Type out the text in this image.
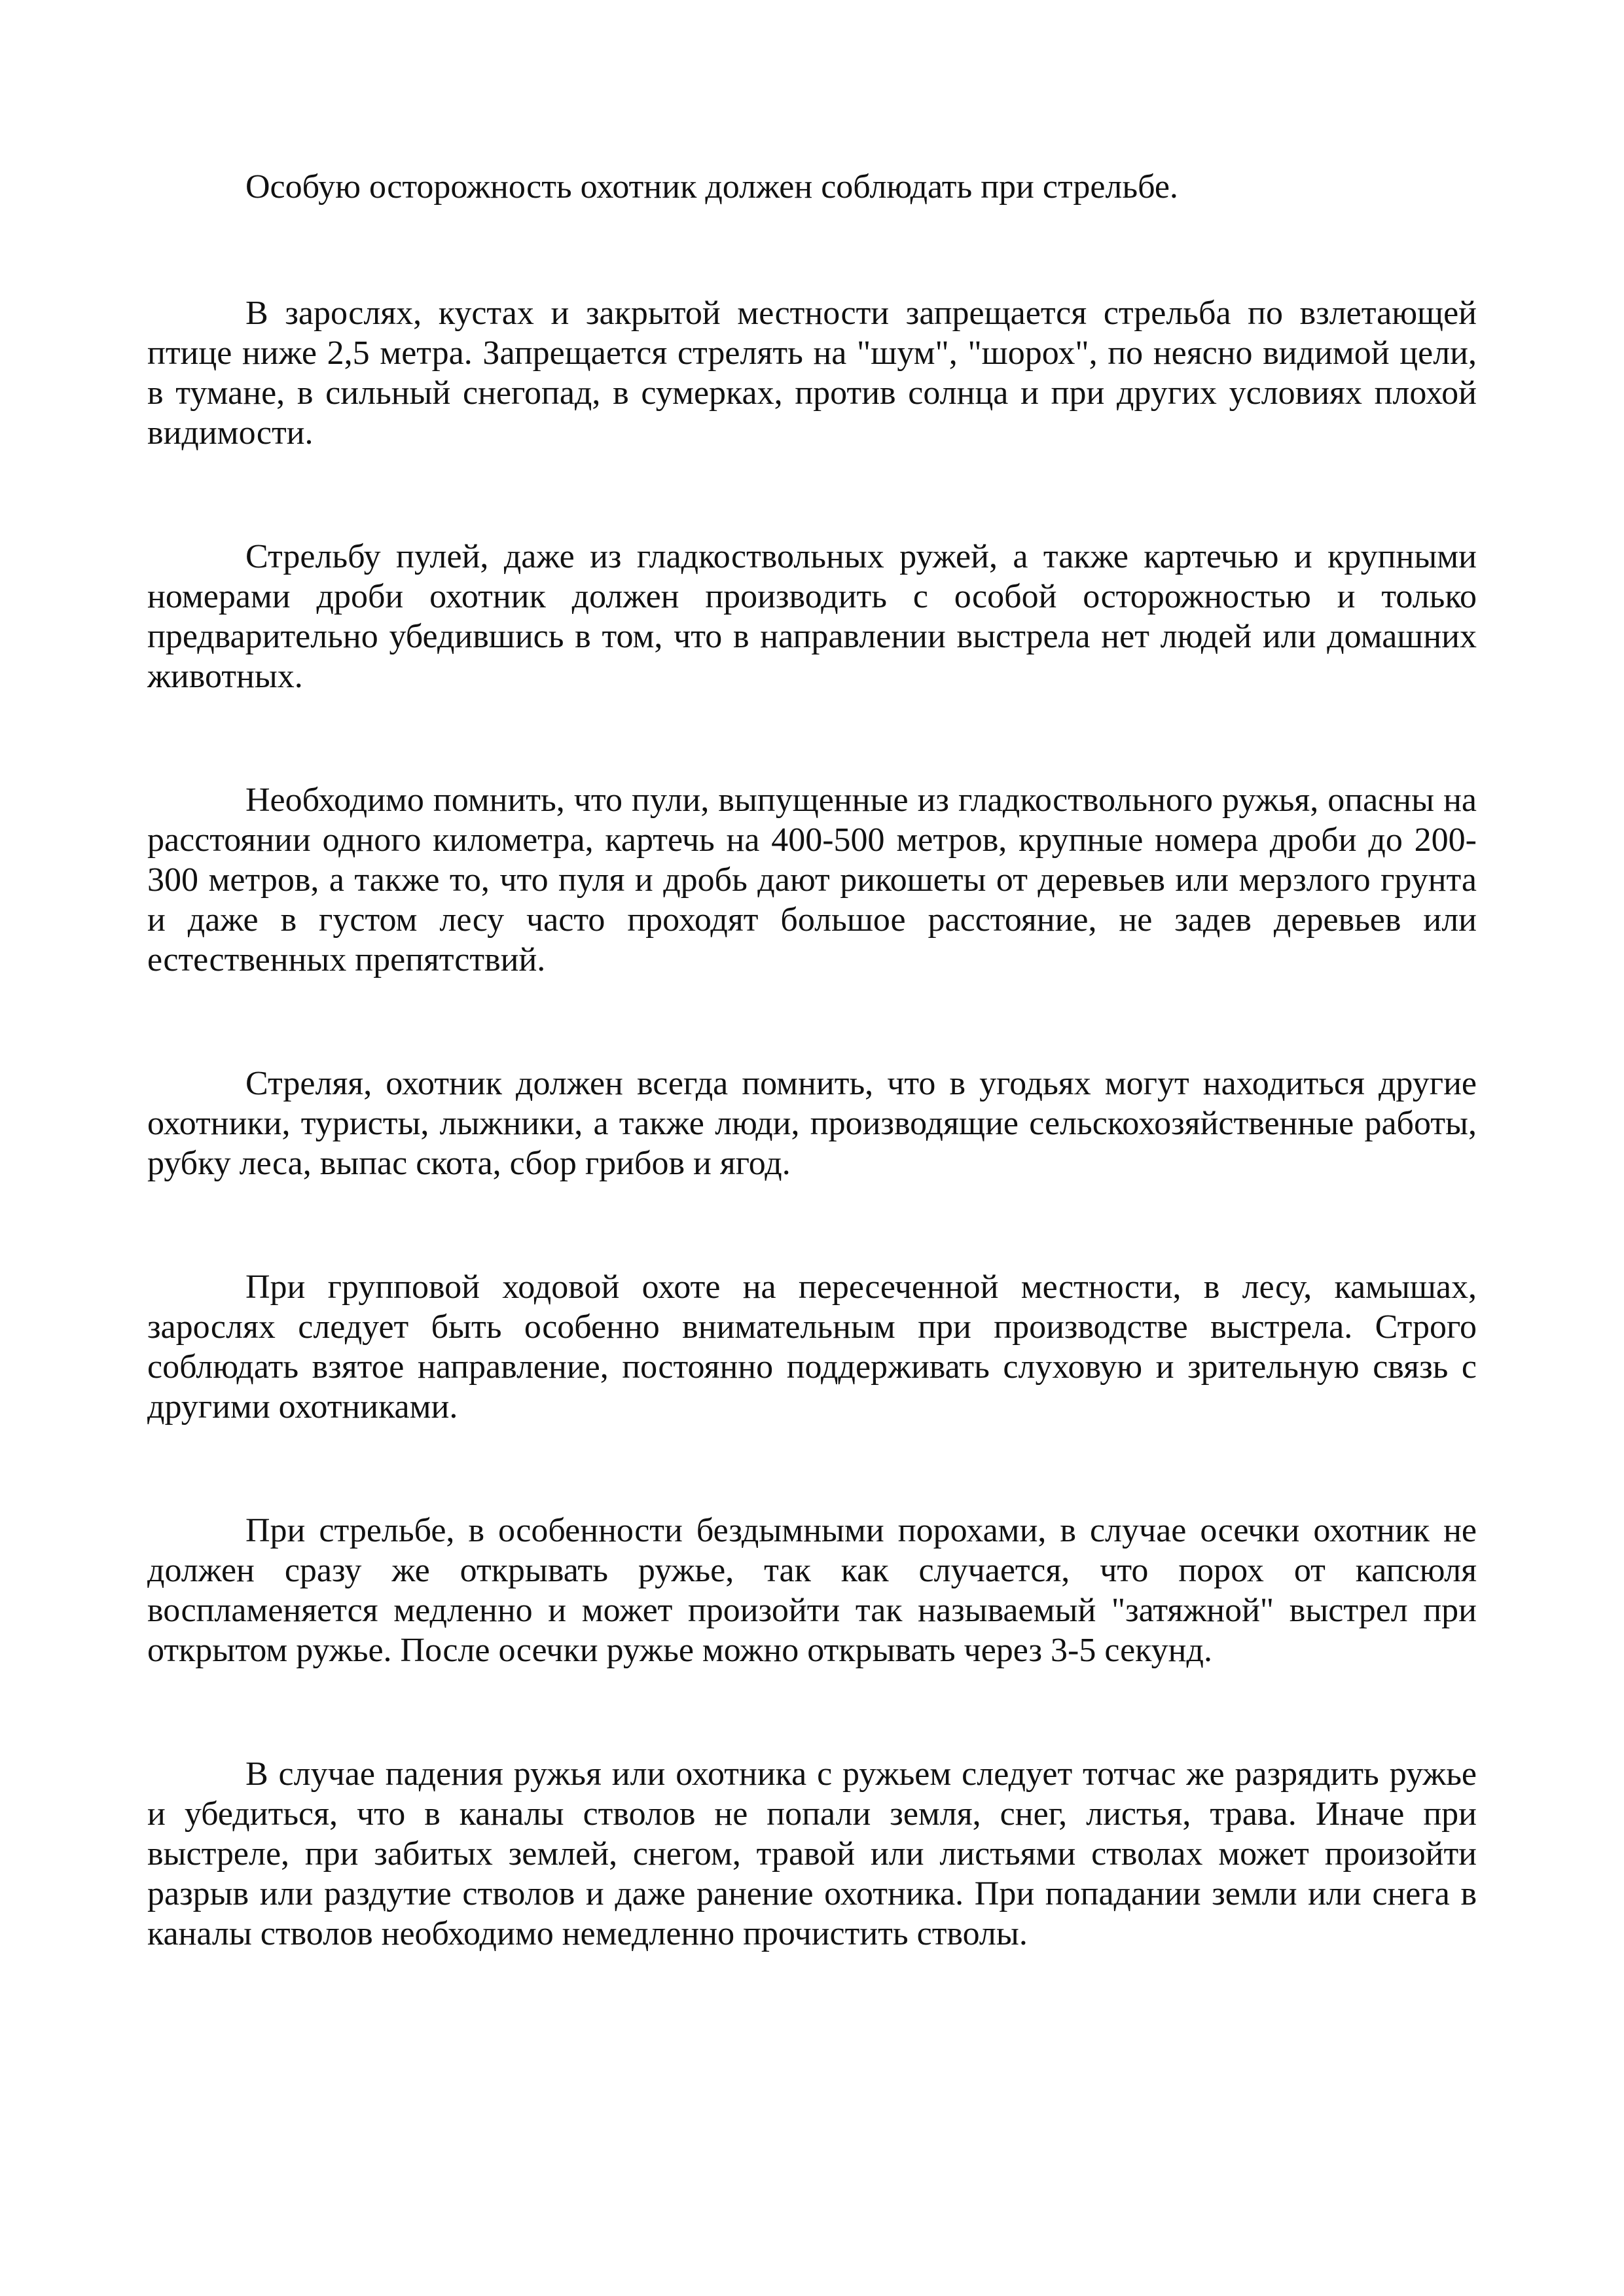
Особую осторожность охотник должен соблюдать при стрельбе.

В зарослях, кустах и закрытой местности запрещается стрельба по взлетающей птице ниже 2,5 метра. Запрещается стрелять на "шум", "шорох", по неясно видимой цели, в тумане, в сильный снегопад, в сумерках, против солнца и при других условиях плохой видимости.

Стрельбу пулей, даже из гладкоствольных ружей, а также картечью и крупными номерами дроби охотник должен производить с особой осторожностью и только предварительно убедившись в том, что в направлении выстрела нет людей или домашних животных.

Необходимо помнить, что пули, выпущенные из гладкоствольного ружья, опасны на расстоянии одного километра, картечь на 400-500 метров, крупные номера дроби до 200-300 метров, а также то, что пуля и дробь дают рикошеты от деревьев или мерзлого грунта и даже в густом лесу часто проходят большое расстояние, не задев деревьев или естественных препятствий.

Стреляя, охотник должен всегда помнить, что в угодьях могут находиться другие охотники, туристы, лыжники, а также люди, производящие сельскохозяйственные работы, рубку леса, выпас скота, сбор грибов и ягод.

При групповой ходовой охоте на пересеченной местности, в лесу, камышах, зарослях следует быть особенно внимательным при производстве выстрела. Строго соблюдать взятое направление, постоянно поддерживать слуховую и зрительную связь с другими охотниками.

При стрельбе, в особенности бездымными порохами, в случае осечки охотник не должен сразу же открывать ружье, так как случается, что порох от капсюля воспламеняется медленно и может произойти так называемый "затяжной" выстрел при открытом ружье. После осечки ружье можно открывать через 3-5 секунд.

В случае падения ружья или охотника с ружьем следует тотчас же разрядить ружье и убедиться, что в каналы стволов не попали земля, снег, листья, трава. Иначе при выстреле, при забитых землей, снегом, травой или листьями стволах может произойти разрыв или раздутие стволов и даже ранение охотника. При попадании земли или снега в каналы стволов необходимо немедленно прочистить стволы.
